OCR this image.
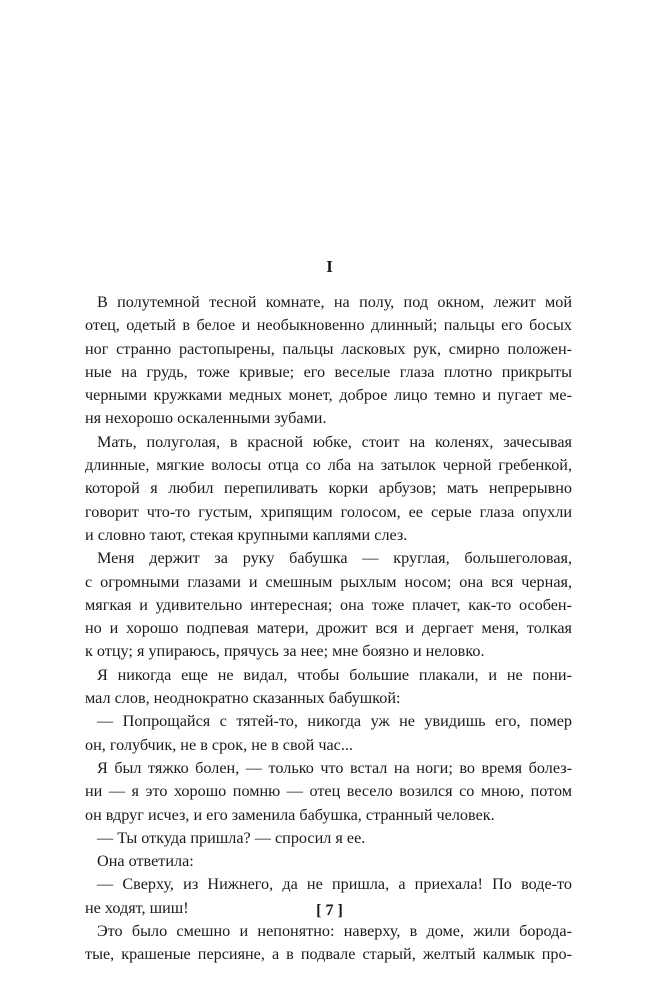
I

В полутемной тесной комнате, на полу, под окном, лежит мой
отец, одетый в белое и необыкновенно длинный; пальцы его босых
ног странно растопырены, пальцы ласковых рук, смирно положен-
ные на грудь, тоже кривые; его веселые глаза плотно прикрыты
черными кружками медных монет, доброе лицо темно и пугает ме-
ня нехорошо оскаленными зубами.

Мать, полуголая, в красной юбке, стоит на коленях, зачесывая
длинные, мягкие волосы отца со лба на затылок черной гребенкой,
которой я любил перепиливать корки арбузов; мать непрерывно
говорит что-то густым, хрипящим голосом, ее серые глаза опухли
и словно тают, стекая крупными каплями слез.

Меня держит за руку бабушка — круглая, большеголовая,
с огромными глазами и смешным рыхлым носом; она вся черная,
мягкая и удивительно интересная; она тоже плачет, как-то особен-
но и хорошо подпевая матери, дрожит вся и дергает меня, толкая
к отцу; я упираюсь, прячусь за нее; мне боязно и неловко.

Я никогда еще не видал, чтобы большие плакали, и не пони-
мал слов, неоднократно сказанных бабушкой:

— Попрощайся с тятей-то, никогда уж не увидишь его, помер
он, голубчик, не в срок, не в свой час...

Я был тяжко болен, — только что встал на ноги; во время болез-
ни — я это хорошо помню — отец весело возился со мною, потом
он вдруг исчез, и его заменила бабушка, странный человек.

— Ты откуда пришла? — спросил я ее.

Она ответила:

— Сверху, из Нижнего, да не пришла, а приехала! По воде-то
не ходят, шиш!

Это было смешно и непонятно: наверху, в доме, жили борода-
тые, крашеные персияне, а в подвале старый, желтый калмык про-

[ 7 ]
